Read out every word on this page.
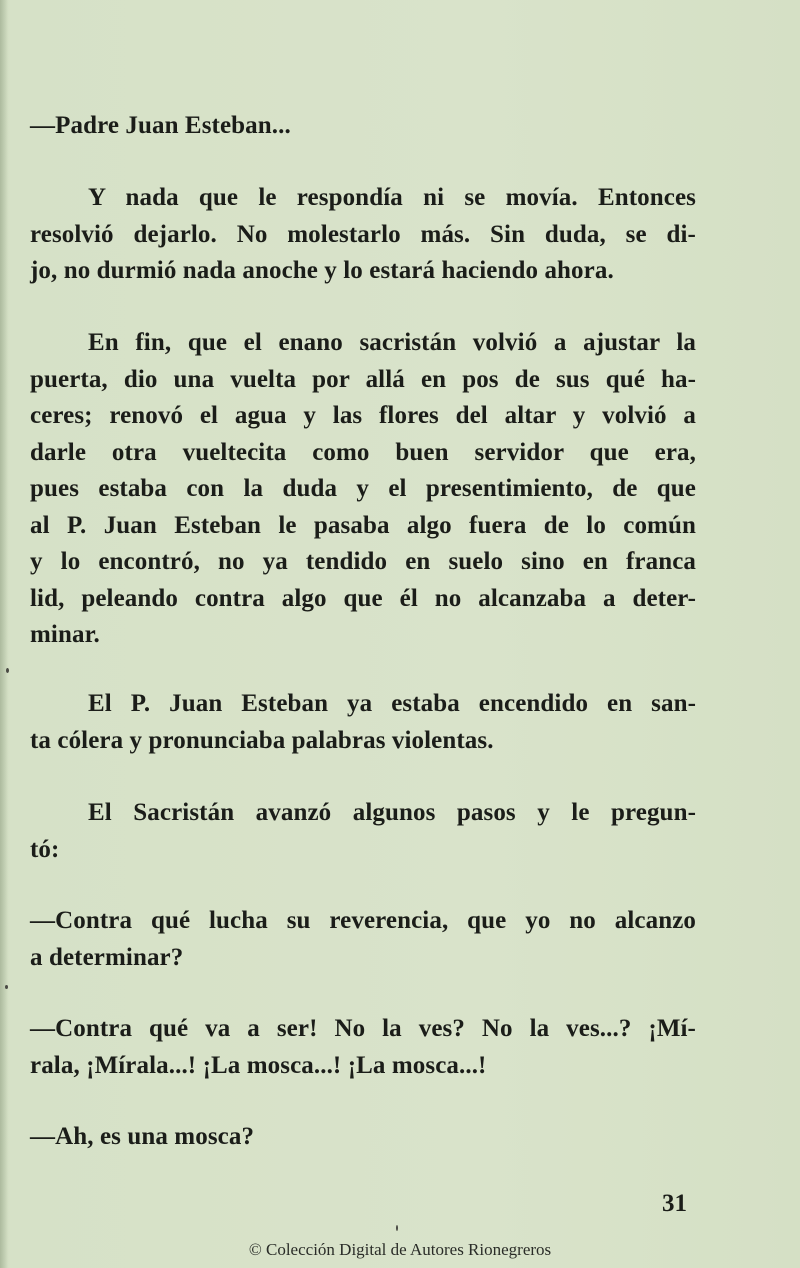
—Padre Juan Esteban...
Y nada que le respondía ni se movía. Entonces
resolvió dejarlo. No molestarlo más. Sin duda, se di-
jo, no durmió nada anoche y lo estará haciendo ahora.
En fin, que el enano sacristán volvió a ajustar la
puerta, dio una vuelta por allá en pos de sus qué ha-
ceres; renovó el agua y las flores del altar y volvió a
darle otra vueltecita como buen servidor que era,
pues estaba con la duda y el presentimiento, de que
al P. Juan Esteban le pasaba algo fuera de lo común
y lo encontró, no ya tendido en suelo sino en franca
lid, peleando contra algo que él no alcanzaba a deter-
minar.
El P. Juan Esteban ya estaba encendido en san-
ta cólera y pronunciaba palabras violentas.
El Sacristán avanzó algunos pasos y le pregun-
tó:
—Contra qué lucha su reverencia, que yo no alcanzo
a determinar?
—Contra qué va a ser! No la ves? No la ves...? ¡Mí-
rala, ¡Mírala...! ¡La mosca...! ¡La mosca...!
—Ah, es una mosca?
31
© Colección Digital de Autores Rionegreros
